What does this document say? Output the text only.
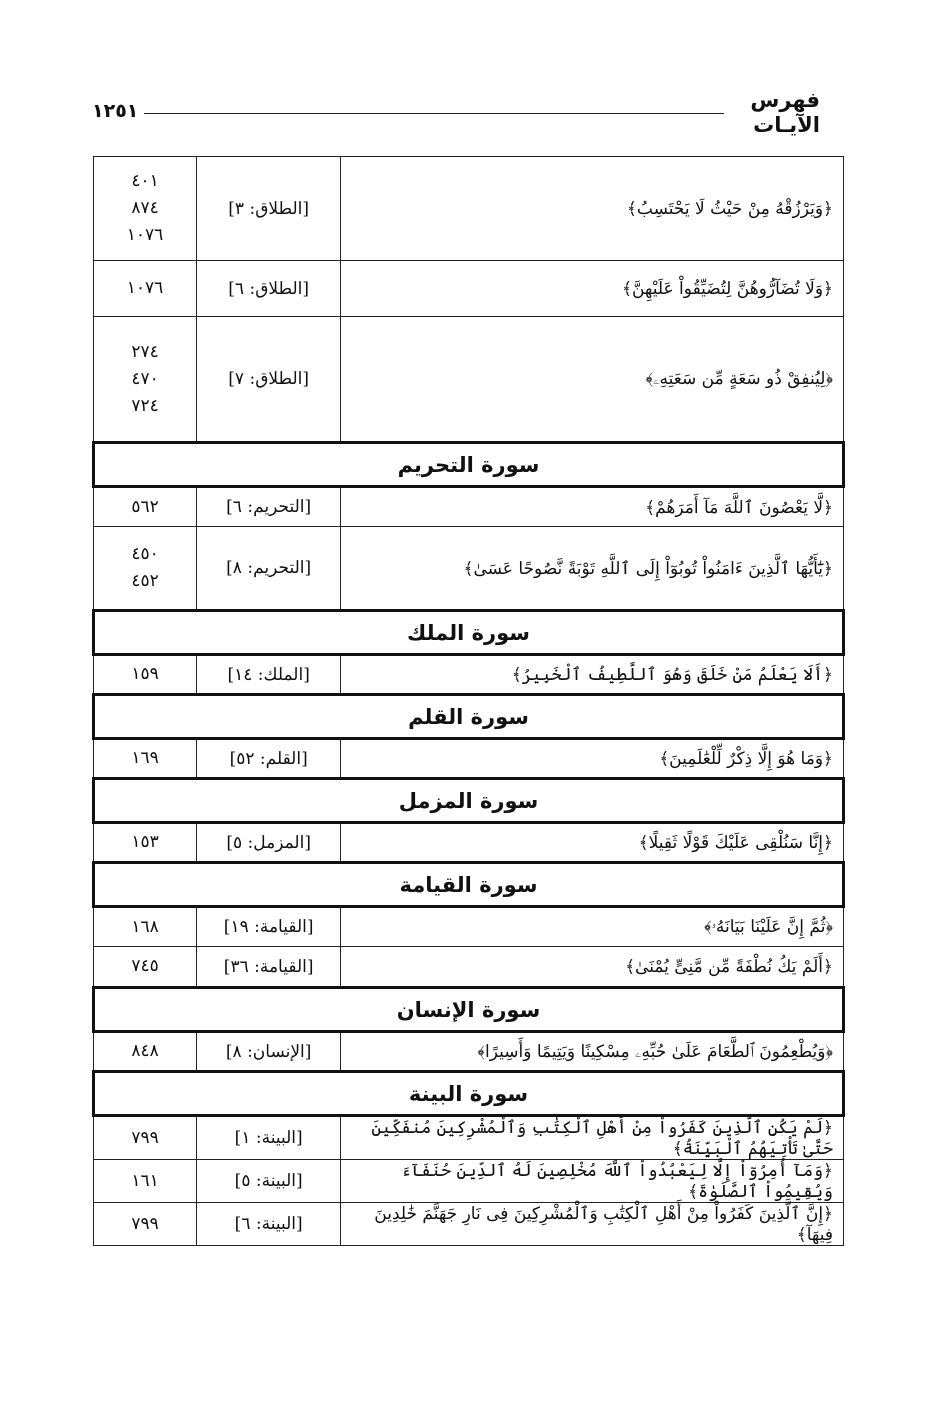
فهرس
الآيـات
١٢٥١
﴿وَيَرْزُقْهُ مِنْ حَيْثُ لَا يَحْتَسِبُ﴾	[الطلاق: ٣]	٤٠١
٨٧٤
١٠٧٦

﴿وَلَا تُضَآرُّوهُنَّ لِتُضَيِّقُواْ عَلَيْهِنَّ﴾	[الطلاق: ٦]	١٠٧٦

﴿لِيُنفِقْ ذُو سَعَةٍ مِّن سَعَتِهِۦ﴾	[الطلاق: ٧]	٢٧٤
٤٧٠
٧٢٤

سورة التحريم		
﴿لَّا يَعْصُونَ ٱللَّهَ مَآ أَمَرَهُمْ﴾	[التحريم: ٦]	٥٦٢

﴿يَٰٓأَيُّهَا ٱلَّذِينَ ءَامَنُواْ تُوبُوٓاْ إِلَى ٱللَّهِ تَوْبَةً نَّصُوحًا عَسَىٰ﴾	[التحريم: ٨]	٤٥٠
٤٥٢

سورة الملك		
﴿أَلَا يَعْلَمُ مَنْ خَلَقَ وَهُوَ ٱللَّطِيفُ ٱلْخَبِيرُ﴾	[الملك: ١٤]	١٥٩

سورة القلم		
﴿وَمَا هُوَ إِلَّا ذِكْرٌ لِّلْعَٰلَمِينَ﴾	[القلم: ٥٢]	١٦٩

سورة المزمل		
﴿إِنَّا سَنُلْقِى عَلَيْكَ قَوْلًا ثَقِيلًا﴾	[المزمل: ٥]	١٥٣

سورة القيامة		
﴿ثُمَّ إِنَّ عَلَيْنَا بَيَانَهُۥ﴾	[القيامة: ١٩]	١٦٨

﴿أَلَمْ يَكُ نُطْفَةً مِّن مَّنِىٍّ يُمْنَىٰ﴾	[القيامة: ٣٦]	٧٤٥

سورة الإنسان		
﴿وَيُطْعِمُونَ ٱلطَّعَامَ عَلَىٰ حُبِّهِۦ مِسْكِينًا وَيَتِيمًا وَأَسِيرًا﴾	[الإنسان: ٨]	٨٤٨

سورة البينة		
﴿لَمْ يَكُنِ ٱلَّذِينَ كَفَرُواْ مِنْ أَهْلِ ٱلْكِتَٰبِ وَٱلْمُشْرِكِينَ مُنفَكِّينَ حَتَّىٰ تَأْتِيَهُمُ ٱلْبَيِّنَةُ﴾	[البينة: ١]	٧٩٩

﴿وَمَآ أُمِرُوٓاْ إِلَّا لِيَعْبُدُواْ ٱللَّهَ مُخْلِصِينَ لَهُ ٱلدِّينَ حُنَفَآءَ وَيُقِيمُواْ ٱلصَّلَوٰةَ﴾	[البينة: ٥]	١٦١

﴿إِنَّ ٱلَّذِينَ كَفَرُواْ مِنْ أَهْلِ ٱلْكِتَٰبِ وَٱلْمُشْرِكِينَ فِى نَارِ جَهَنَّمَ خَٰلِدِينَ فِيهَآ﴾	[البينة: ٦]	٧٩٩
